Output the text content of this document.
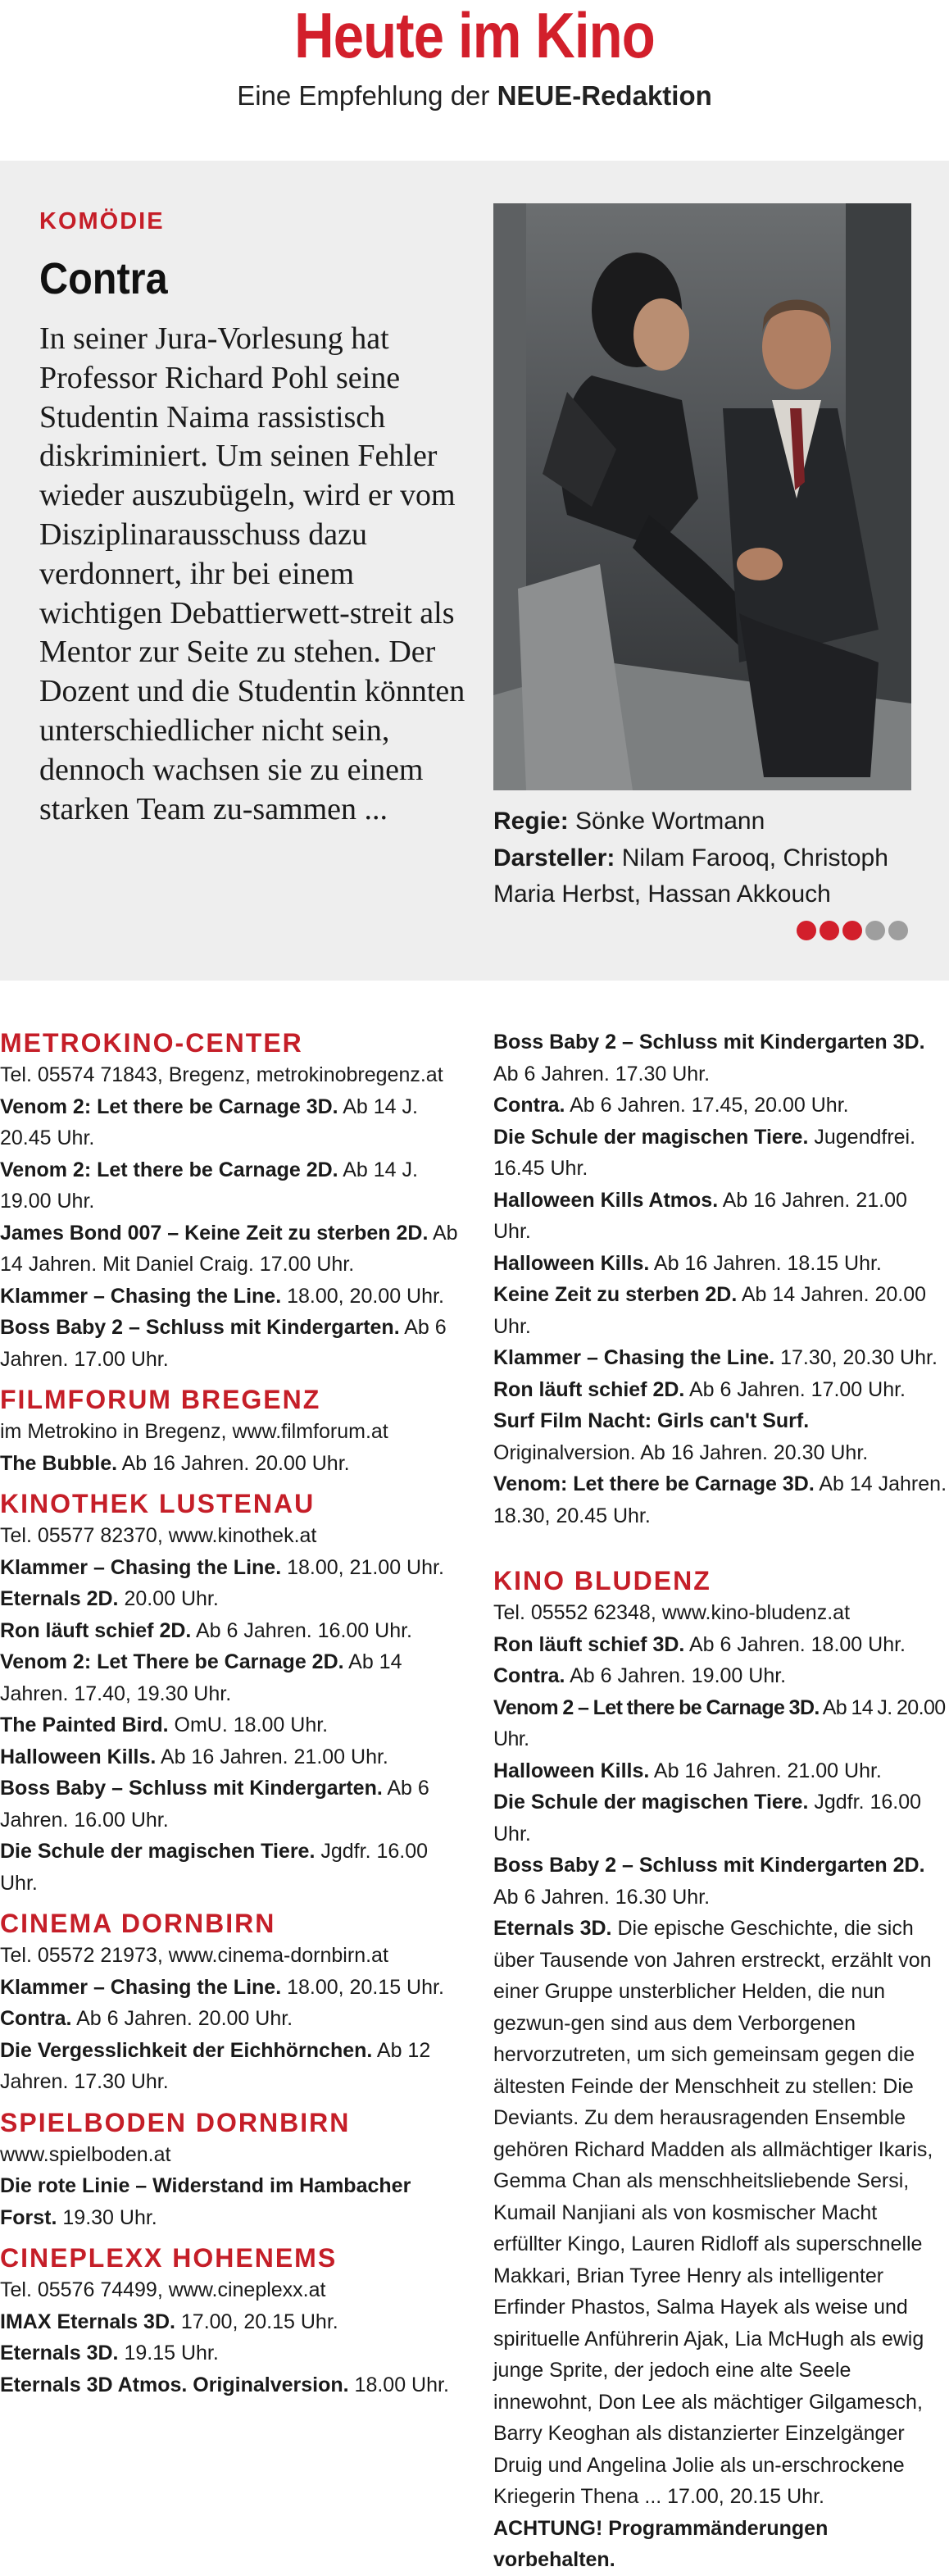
Heute im Kino
Eine Empfehlung der NEUE-Redaktion
KOMÖDIE
Contra

In seiner Jura-Vorlesung hat Professor Richard Pohl seine Studentin Naima rassistisch diskriminiert. Um seinen Fehler wieder auszubügeln, wird er vom Disziplinarausschuss dazu verdonnert, ihr bei einem wichtigen Debattierwett-streit als Mentor zur Seite zu stehen. Der Dozent und die Studentin könnten unterschiedlicher nicht sein, dennoch wachsen sie zu einem starken Team zu-sammen ...	Regie: Sönke Wortmann
Darsteller: Nilam Farooq, Christoph Maria Herbst, Hassan Akkouch

METROKINO-CENTER

Tel. 05574 71843, Bregenz, metrokinobregenz.at

Venom 2: Let there be Carnage 3D. Ab 14 J. 20.45 Uhr.

Venom 2: Let there be Carnage 2D. Ab 14 J. 19.00 Uhr.

James Bond 007 – Keine Zeit zu sterben 2D. Ab 14 Jahren. Mit Daniel Craig. 17.00 Uhr.

Klammer – Chasing the Line. 18.00, 20.00 Uhr.

Boss Baby 2 – Schluss mit Kindergarten. Ab 6 Jahren. 17.00 Uhr.

FILMFORUM BREGENZ

im Metrokino in Bregenz, www.filmforum.at

The Bubble. Ab 16 Jahren. 20.00 Uhr.

KINOTHEK LUSTENAU

Tel. 05577 82370, www.kinothek.at

Klammer – Chasing the Line. 18.00, 21.00 Uhr.

Eternals 2D. 20.00 Uhr.

Ron läuft schief 2D. Ab 6 Jahren. 16.00 Uhr.

Venom 2: Let There be Carnage 2D. Ab 14 Jahren. 17.40, 19.30 Uhr.

The Painted Bird. OmU. 18.00 Uhr.

Halloween Kills. Ab 16 Jahren. 21.00 Uhr.

Boss Baby – Schluss mit Kindergarten. Ab 6 Jahren. 16.00 Uhr.

Die Schule der magischen Tiere. Jgdfr. 16.00 Uhr.

CINEMA DORNBIRN

Tel. 05572 21973, www.cinema-dornbirn.at

Klammer – Chasing the Line. 18.00, 20.15 Uhr.

Contra. Ab 6 Jahren. 20.00 Uhr.

Die Vergesslichkeit der Eichhörnchen. Ab 12 Jahren. 17.30 Uhr.

SPIELBODEN DORNBIRN

www.spielboden.at

Die rote Linie – Widerstand im Hambacher Forst. 19.30 Uhr.

CINEPLEXX HOHENEMS

Tel. 05576 74499, www.cineplexx.at

IMAX Eternals 3D. 17.00, 20.15 Uhr.

Eternals 3D. 19.15 Uhr.

Eternals 3D Atmos. Originalversion. 18.00 Uhr.

Boss Baby 2 – Schluss mit Kindergarten 3D. Ab 6 Jahren. 17.30 Uhr.

Contra. Ab 6 Jahren. 17.45, 20.00 Uhr.

Die Schule der magischen Tiere. Jugendfrei. 16.45 Uhr.

Halloween Kills Atmos. Ab 16 Jahren. 21.00 Uhr.

Halloween Kills. Ab 16 Jahren. 18.15 Uhr.

Keine Zeit zu sterben 2D. Ab 14 Jahren. 20.00 Uhr.

Klammer – Chasing the Line. 17.30, 20.30 Uhr.

Ron läuft schief 2D. Ab 6 Jahren. 17.00 Uhr.

Surf Film Nacht: Girls can't Surf. Originalversion. Ab 16 Jahren. 20.30 Uhr.

Venom: Let there be Carnage 3D. Ab 14 Jahren. 18.30, 20.45 Uhr.

KINO BLUDENZ

Tel. 05552 62348, www.kino-bludenz.at

Ron läuft schief 3D. Ab 6 Jahren. 18.00 Uhr.

Contra. Ab 6 Jahren. 19.00 Uhr.

Venom 2 – Let there be Carnage 3D. Ab 14 J. 20.00 Uhr.

Halloween Kills. Ab 16 Jahren. 21.00 Uhr.

Die Schule der magischen Tiere. Jgdfr. 16.00 Uhr.

Boss Baby 2 – Schluss mit Kindergarten 2D. Ab 6 Jahren. 16.30 Uhr.

Eternals 3D. Die epische Geschichte, die sich über Tausende von Jahren erstreckt, erzählt von einer Gruppe unsterblicher Helden, die nun gezwun-gen sind aus dem Verborgenen hervorzutreten, um sich gemeinsam gegen die ältesten Feinde der Menschheit zu stellen: Die Deviants. Zu dem herausragenden Ensemble gehören Richard Madden als allmächtiger Ikaris, Gemma Chan als menschheitsliebende Sersi, Kumail Nanjiani als von kosmischer Macht erfüllter Kingo, Lauren Ridloff als superschnelle Makkari, Brian Tyree Henry als intelligenter Erfinder Phastos, Salma Hayek als weise und spirituelle Anführerin Ajak, Lia McHugh als ewig junge Sprite, der jedoch eine alte Seele innewohnt, Don Lee als mächtiger Gilgamesch, Barry Keoghan als distanzierter Einzelgänger Druig und Angelina Jolie als un-erschrockene Kriegerin Thena ... 17.00, 20.15 Uhr.

ACHTUNG! Programmänderungen vorbehalten.
